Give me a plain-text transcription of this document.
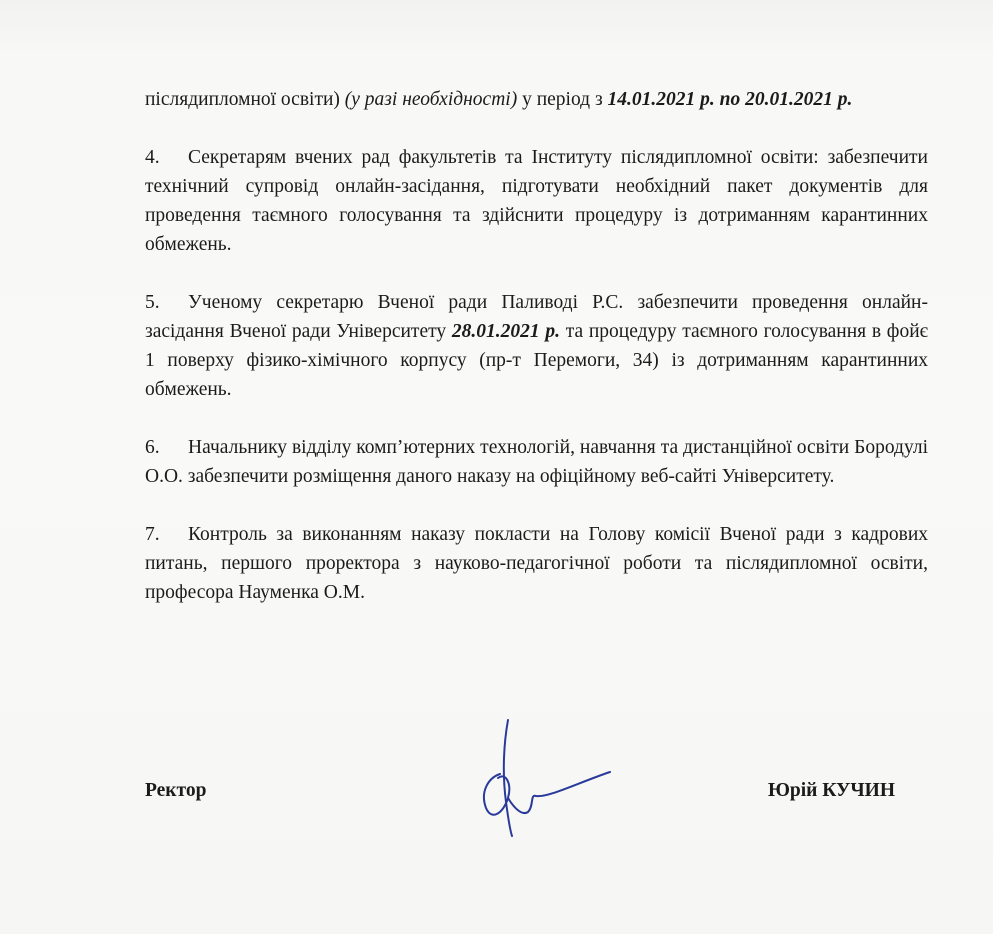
післядипломної освіти) (у разі необхідності) у період з 14.01.2021 р. по 20.01.2021 р.

4. Секретарям вчених рад факультетів та Інституту післядипломної освіти: забезпечити технічний супровід онлайн-засідання, підготувати необхідний пакет документів для проведення таємного голосування та здійснити процедуру із дотриманням карантинних обмежень.

5. Ученому секретарю Вченої ради Паливоді Р.С. забезпечити проведення онлайн-засідання Вченої ради Університету 28.01.2021 р. та процедуру таємного голосування в фойє 1 поверху фізико-хімічного корпусу (пр-т Перемоги, 34) із дотриманням карантинних обмежень.

6. Начальнику відділу комп’ютерних технологій, навчання та дистанційної освіти Бородулі О.О. забезпечити розміщення даного наказу на офіційному веб-сайті Університету.

7. Контроль за виконанням наказу покласти на Голову комісії Вченої ради з кадрових питань, першого проректора з науково-педагогічної роботи та післядипломної освіти, професора Науменка О.М.

Ректор	Юрій КУЧИН
